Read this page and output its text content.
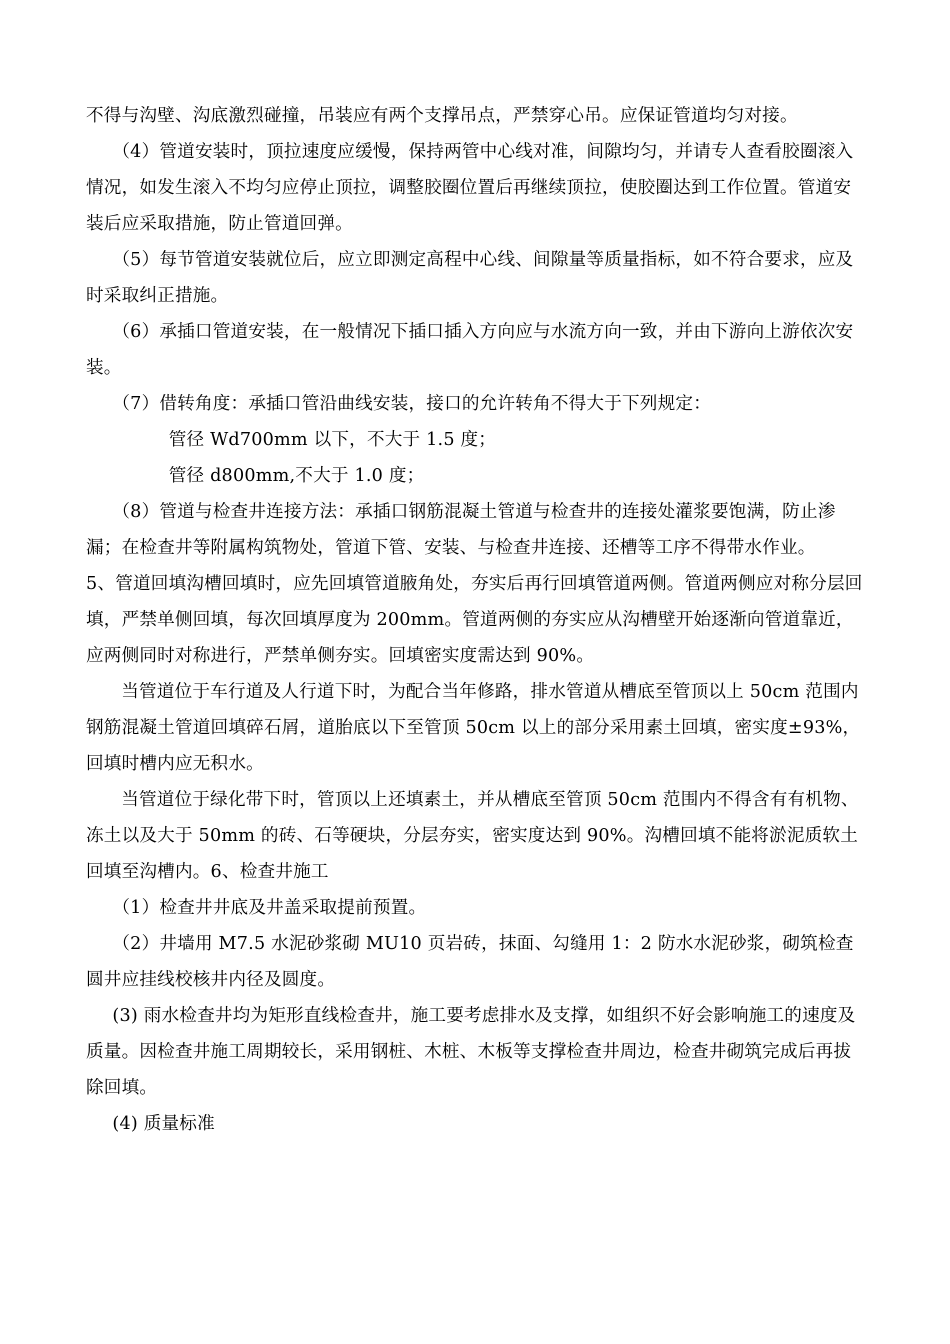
不得与沟壁、沟底激烈碰撞，吊装应有两个支撑吊点，严禁穿心吊。应保证管道均匀对接。

（4）管道安装时，顶拉速度应缓慢，保持两管中心线对准，间隙均匀，并请专人查看胶圈滚入情况，如发生滚入不均匀应停止顶拉，调整胶圈位置后再继续顶拉，使胶圈达到工作位置。管道安装后应采取措施，防止管道回弹。

（5）每节管道安装就位后，应立即测定高程中心线、间隙量等质量指标，如不符合要求，应及时采取纠正措施。

（6）承插口管道安装，在一般情况下插口插入方向应与水流方向一致，并由下游向上游依次安装。

（7）借转角度：承插口管沿曲线安装，接口的允许转角不得大于下列规定：

管径 Wd700mm 以下，不大于 1.5 度；

管径 d800mm,不大于 1.0 度；

（8）管道与检查井连接方法：承插口钢筋混凝土管道与检查井的连接处灌浆要饱满，防止渗漏；在检查井等附属构筑物处，管道下管、安装、与检查井连接、还槽等工序不得带水作业。

5、管道回填沟槽回填时，应先回填管道腋角处，夯实后再行回填管道两侧。管道两侧应对称分层回填，严禁单侧回填，每次回填厚度为 200mm。管道两侧的夯实应从沟槽壁开始逐渐向管道靠近，应两侧同时对称进行，严禁单侧夯实。回填密实度需达到 90%。

当管道位于车行道及人行道下时，为配合当年修路，排水管道从槽底至管顶以上 50cm 范围内钢筋混凝土管道回填碎石屑，道胎底以下至管顶 50cm 以上的部分采用素土回填，密实度±93%，回填时槽内应无积水。

当管道位于绿化带下时，管顶以上还填素土，并从槽底至管顶 50cm 范围内不得含有有机物、冻土以及大于 50mm 的砖、石等硬块，分层夯实，密实度达到 90%。沟槽回填不能将淤泥质软土回填至沟槽内。6、检查井施工

（1）检查井井底及井盖采取提前预置。

（2）井墙用 M7.5 水泥砂浆砌 MU10 页岩砖，抹面、勾缝用 1：2 防水水泥砂浆，砌筑检查圆井应挂线校核井内径及圆度。

(3) 雨水检查井均为矩形直线检查井，施工要考虑排水及支撑，如组织不好会影响施工的速度及质量。因检查井施工周期较长，采用钢桩、木桩、木板等支撑检查井周边，检查井砌筑完成后再拔除回填。

(4) 质量标准
